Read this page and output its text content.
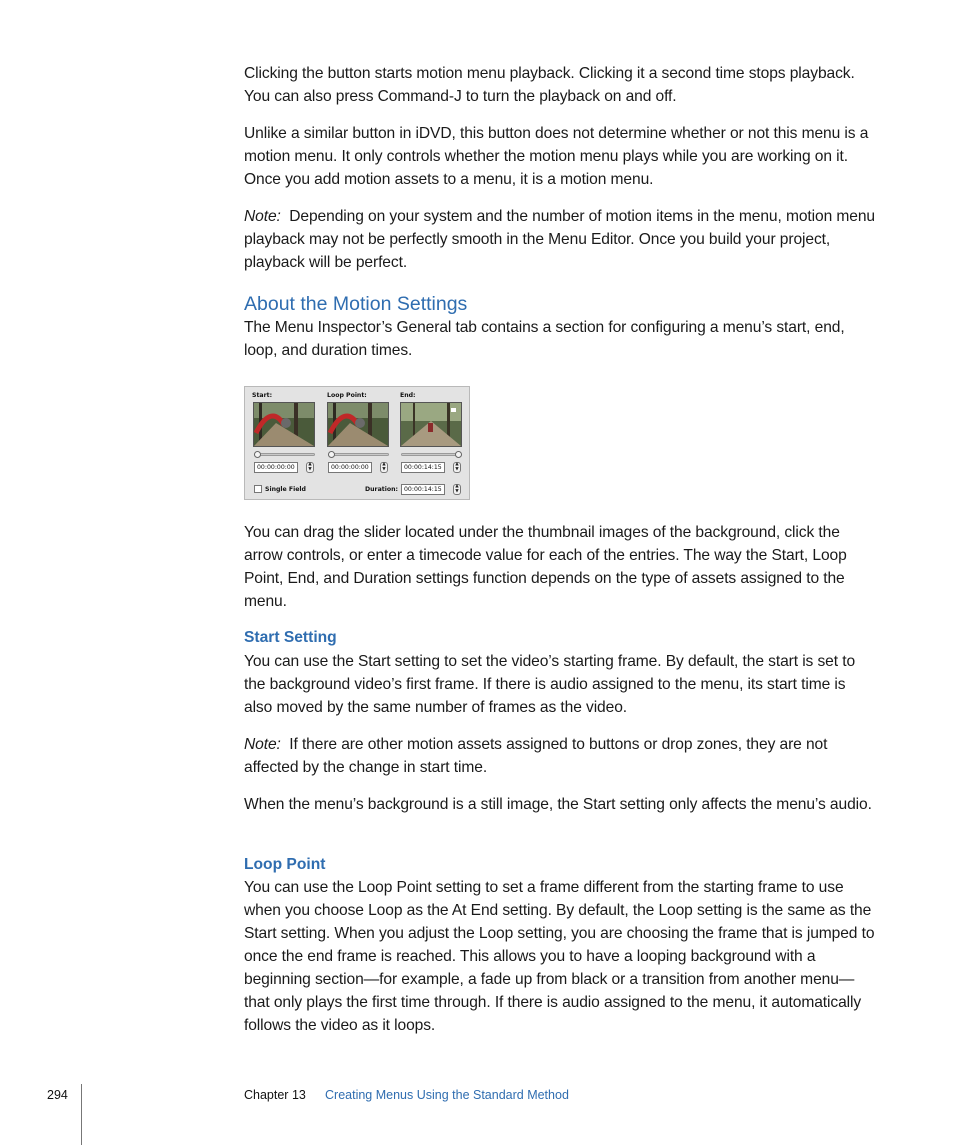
Clicking the button starts motion menu playback. Clicking it a second time stops playback. You can also press Command-J to turn the playback on and off.

Unlike a similar button in iDVD, this button does not determine whether or not this menu is a motion menu. It only controls whether the motion menu plays while you are working on it. Once you add motion assets to a menu, it is a motion menu.

Note: Depending on your system and the number of motion items in the menu, motion menu playback may not be perfectly smooth in the Menu Editor. Once you build your project, playback will be perfect.

About the Motion Settings

The Menu Inspector’s General tab contains a section for configuring a menu’s start, end, loop, and duration times.

Start:	Loop Point:	End:
00:00:00:00	▲
▼	00:00:00:00	▲
▼	00:00:14:15	▲
▼
Single Field	Duration: 00:00:14:15	▲
▼

You can drag the slider located under the thumbnail images of the background, click the arrow controls, or enter a timecode value for each of the entries. The way the Start, Loop Point, End, and Duration settings function depends on the type of assets assigned to the menu.

Start Setting

You can use the Start setting to set the video’s starting frame. By default, the start is set to the background video’s first frame. If there is audio assigned to the menu, its start time is also moved by the same number of frames as the video.

Note: If there are other motion assets assigned to buttons or drop zones, they are not affected by the change in start time.

When the menu’s background is a still image, the Start setting only affects the menu’s audio.

Loop Point

You can use the Loop Point setting to set a frame different from the starting frame to use when you choose Loop as the At End setting. By default, the Loop setting is the same as the Start setting. When you adjust the Loop setting, you are choosing the frame that is jumped to once the end frame is reached. This allows you to have a looping background with a beginning section—for example, a fade up from black or a transition from another menu—that only plays the first time through. If there is audio assigned to the menu, it automatically follows the video as it loops.

294	Chapter 13 Creating Menus Using the Standard Method
